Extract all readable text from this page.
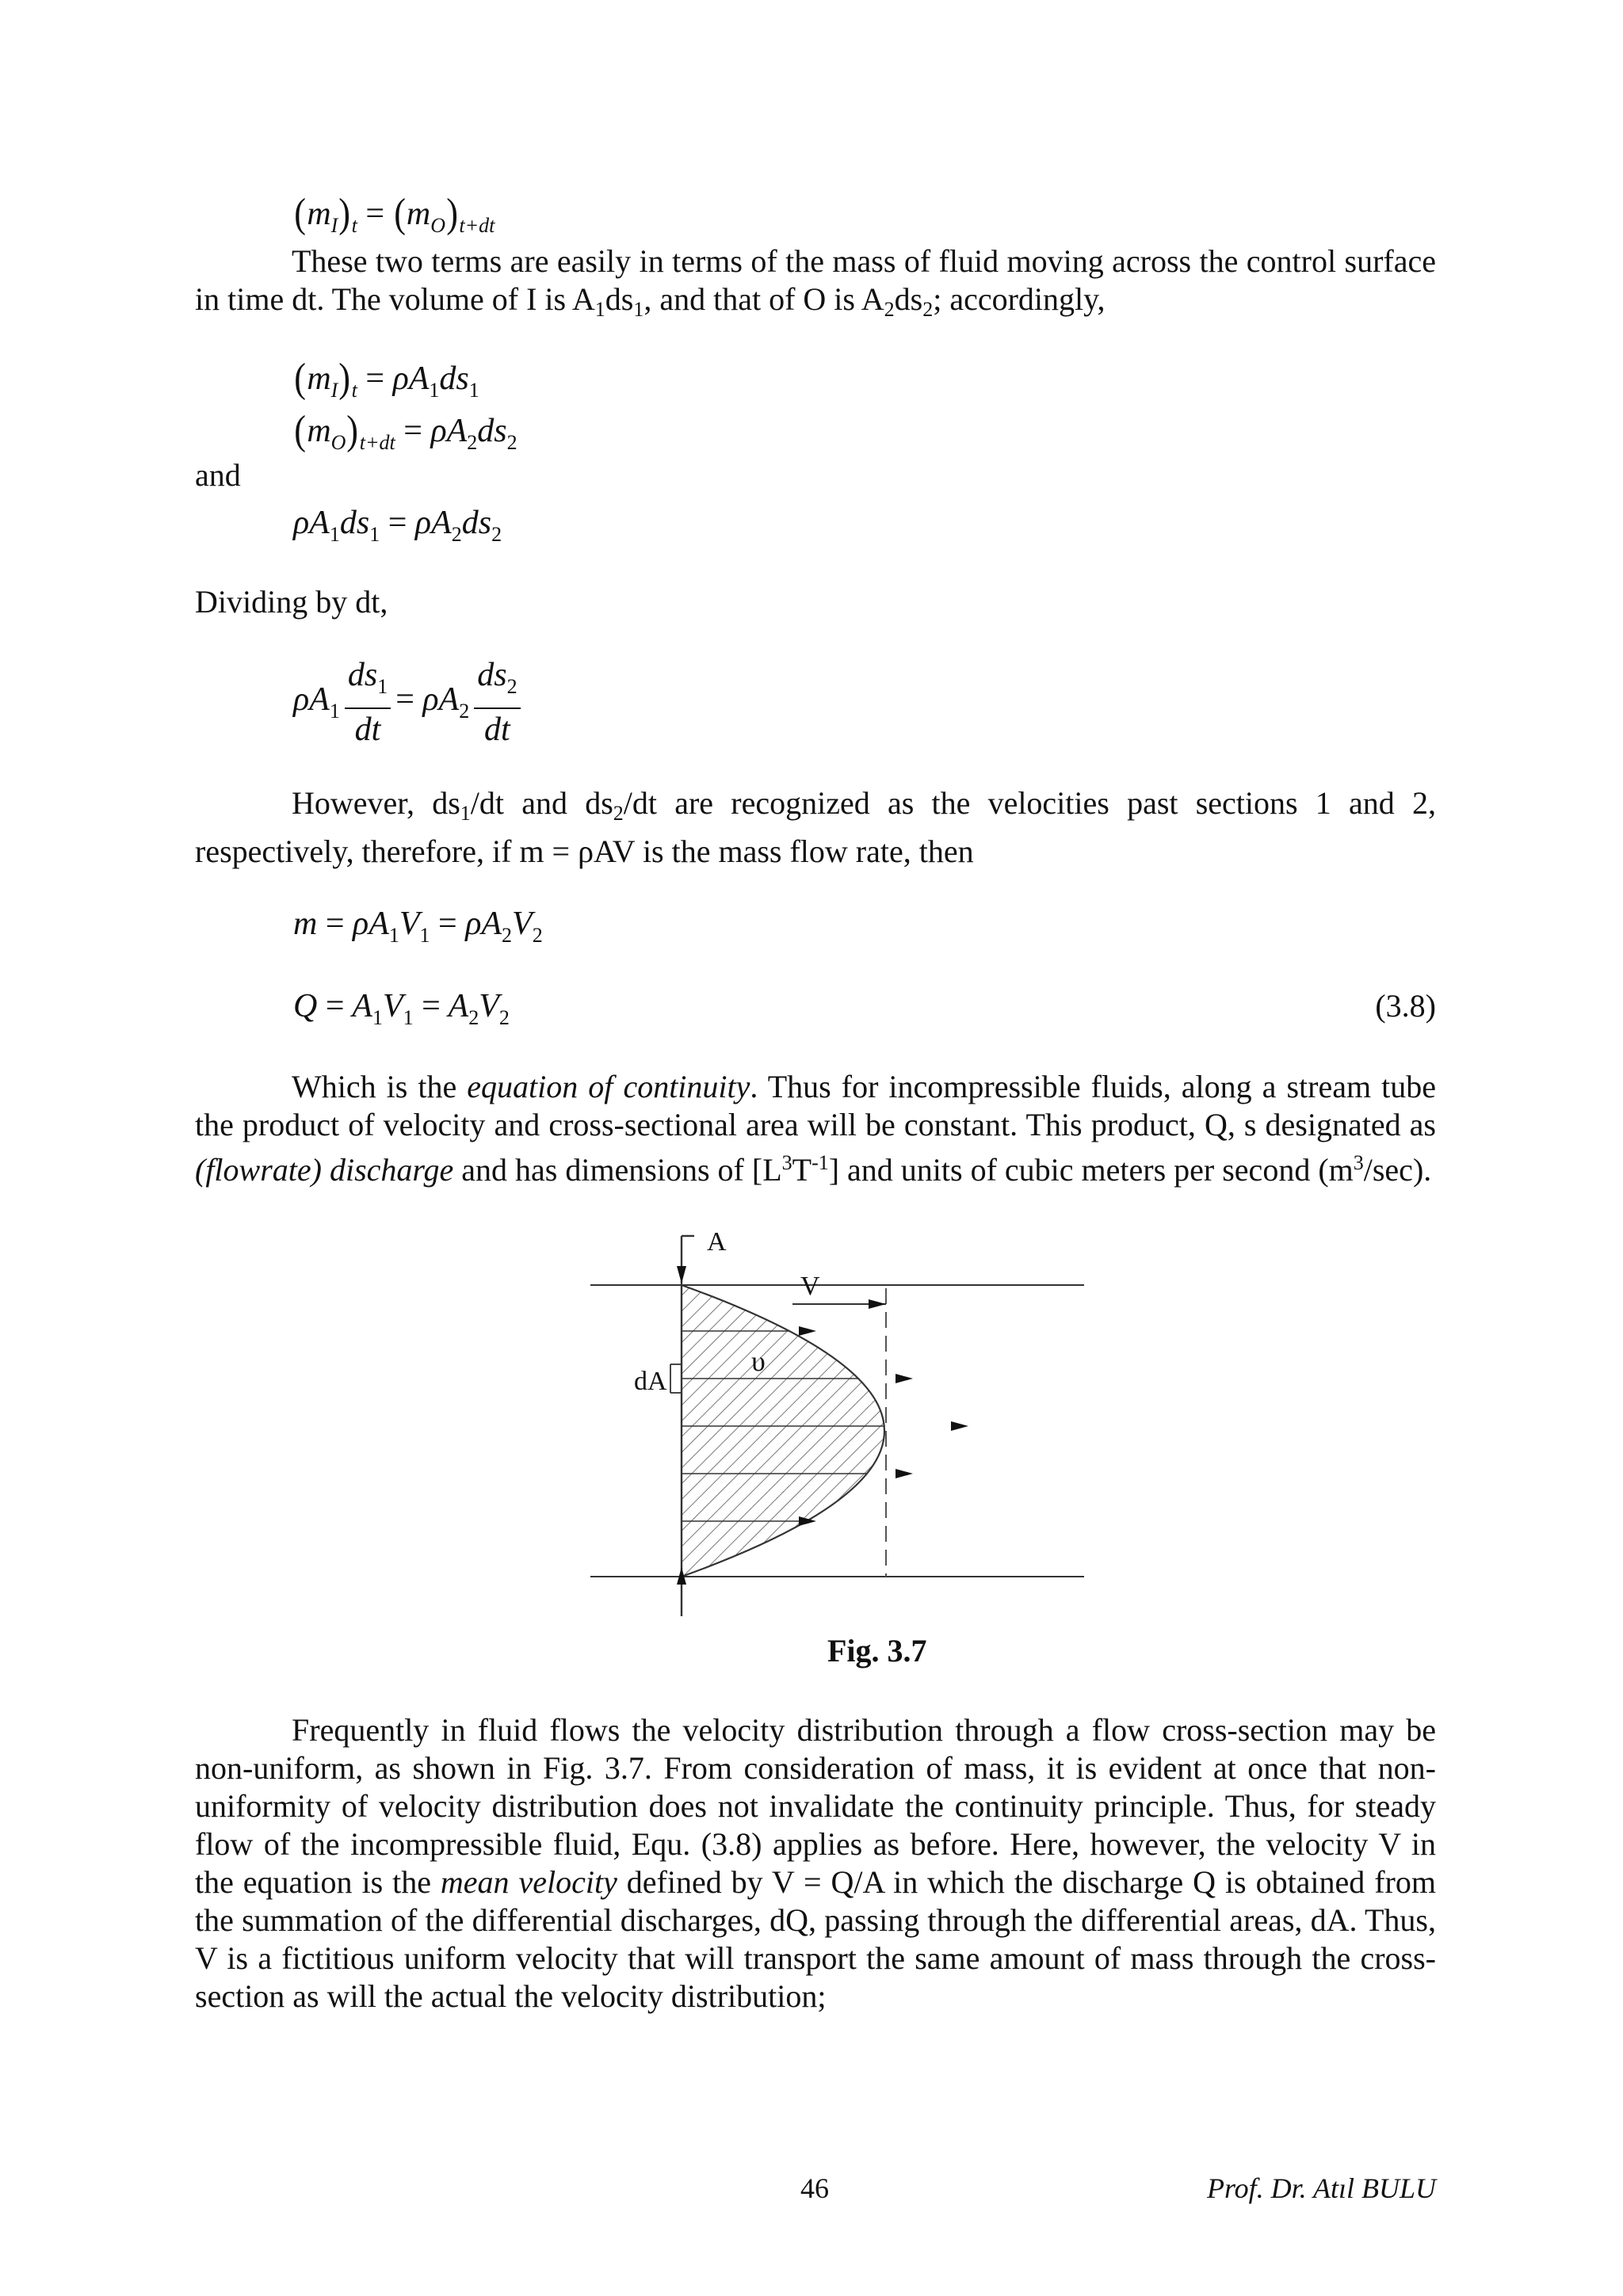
$(m_I)_t = (m_O)_{t+dt}$
These two terms are easily in terms of the mass of fluid moving across the control surface in time dt. The volume of I is $A_1ds_1$, and that of O is $A_2ds_2$; accordingly,
$(m_I)_t = \rho A_1ds_1$
$(m_O)_{t+dt} = \rho A_2ds_2$
and
$\rho A_1ds_1 = \rho A_2ds_2$
Dividing by dt,
$\rho A_1 \frac{ds_1}{dt} = \rho A_2 \frac{ds_2}{dt}$
However, $ds_1/dt$ and $ds_2/dt$ are recognized as the velocities past sections 1 and 2, respectively, therefore, if m = ρAV is the mass flow rate, then
$m = \rho A_1V_1 = \rho A_2V_2$
$Q = A_1V_1 = A_2V_2$	(3.8)
Which is the equation of continuity. Thus for incompressible fluids, along a stream tube the product of velocity and cross-sectional area will be constant. This product, Q, s designated as (flowrate) discharge and has dimensions of $[L^3T^{-1}]$ and units of cubic meters per second $(m^3/\sec)$.
A
V
υ
dA
Fig. 3.7
Frequently in fluid flows the velocity distribution through a flow cross-section may be non-uniform, as shown in Fig. 3.7. From consideration of mass, it is evident at once that non-uniformity of velocity distribution does not invalidate the continuity principle. Thus, for steady flow of the incompressible fluid, Equ. (3.8) applies as before. Here, however, the velocity V in the equation is the mean velocity defined by V = Q/A in which the discharge Q is obtained from the summation of the differential discharges, dQ, passing through the differential areas, dA. Thus, V is a fictitious uniform velocity that will transport the same amount of mass through the cross-section as will the actual the velocity distribution;
46	Prof. Dr. Atıl BULU
